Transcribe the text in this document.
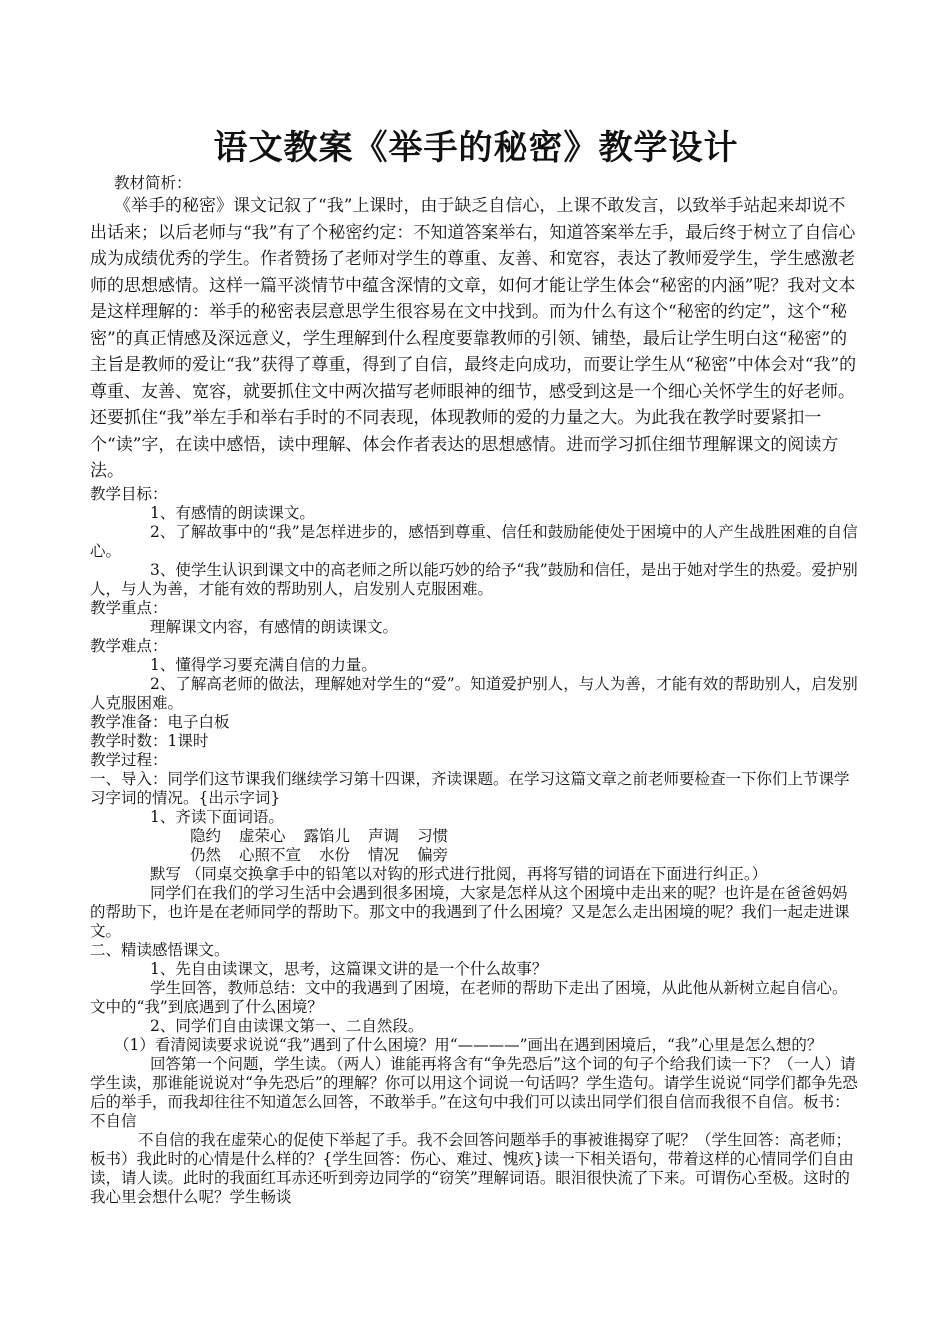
语文教案《举手的秘密》教学设计

教材简析：

《举手的秘密》课文记叙了“我”上课时，由于缺乏自信心，上课不敢发言，以致举手站起来却说不出话来；以后老师与“我”有了个秘密约定：不知道答案举右，知道答案举左手，最后终于树立了自信心成为成绩优秀的学生。作者赞扬了老师对学生的尊重、友善、和宽容，表达了教师爱学生，学生感激老师的思想感情。这样一篇平淡情节中蕴含深情的文章，如何才能让学生体会“秘密的内涵”呢？我对文本是这样理解的：举手的秘密表层意思学生很容易在文中找到。而为什么有这个“秘密的约定”，这个“秘密”的真正情感及深远意义，学生理解到什么程度要靠教师的引领、铺垫，最后让学生明白这“秘密”的主旨是教师的爱让“我”获得了尊重，得到了自信，最终走向成功，而要让学生从“秘密”中体会对“我”的尊重、友善、宽容，就要抓住文中两次描写老师眼神的细节，感受到这是一个细心关怀学生的好老师。还要抓住“我”举左手和举右手时的不同表现，体现教师的爱的力量之大。为此我在教学时要紧扣一个“读”字，在读中感悟，读中理解、体会作者表达的思想感情。进而学习抓住细节理解课文的阅读方法。

教学目标：

1、有感情的朗读课文。

2、了解故事中的“我”是怎样进步的，感悟到尊重、信任和鼓励能使处于困境中的人产生战胜困难的自信心。

3、使学生认识到课文中的高老师之所以能巧妙的给予“我”鼓励和信任，是出于她对学生的热爱。爱护别人，与人为善，才能有效的帮助别人，启发别人克服困难。

教学重点：

理解课文内容，有感情的朗读课文。

教学难点：

1、懂得学习要充满自信的力量。

2、了解高老师的做法，理解她对学生的“爱”。知道爱护别人，与人为善，才能有效的帮助别人，启发别人克服困难。

教学准备：电子白板

教学时数：1课时

教学过程：

一、导入：同学们这节课我们继续学习第十四课，齐读课题。在学习这篇文章之前老师要检查一下你们上节课学习字词的情况。{出示字词}

1、齐读下面词语。

隐约 虚荣心 露馅儿 声调 习惯

仍然 心照不宣 水份 情况 偏旁

默写 （同桌交换拿手中的铅笔以对钩的形式进行批阅，再将写错的词语在下面进行纠正。）

同学们在我们的学习生活中会遇到很多困境，大家是怎样从这个困境中走出来的呢？也许是在爸爸妈妈的帮助下，也许是在老师同学的帮助下。那文中的我遇到了什么困境？又是怎么走出困境的呢？我们一起走进课文。

二、精读感悟课文。

1、先自由读课文，思考，这篇课文讲的是一个什么故事？

学生回答，教师总结：文中的我遇到了困境，在老师的帮助下走出了困境，从此他从新树立起自信心。文中的“我”到底遇到了什么困境？

2、同学们自由读课文第一、二自然段。

（1）看清阅读要求说说“我”遇到了什么困境？用“————”画出在遇到困境后，“我”心里是怎么想的？

回答第一个问题，学生读。（两人）谁能再将含有“争先恐后”这个词的句子个给我们读一下？（一人）请学生读，那谁能说说对“争先恐后”的理解？你可以用这个词说一句话吗？学生造句。请学生说说“同学们都争先恐后的举手，而我却往往不知道怎么回答，不敢举手。”在这句中我们可以读出同学们很自信而我很不自信。板书：不自信

不自信的我在虚荣心的促使下举起了手。我不会回答问题举手的事被谁揭穿了呢？（学生回答：高老师；板书）我此时的心情是什么样的？{学生回答：伤心、难过、愧疚}读一下相关语句，带着这样的心情同学们自由读，请人读。此时的我面红耳赤还听到旁边同学的“窃笑”理解词语。眼泪很快流了下来。可谓伤心至极。这时的我心里会想什么呢？学生畅谈
